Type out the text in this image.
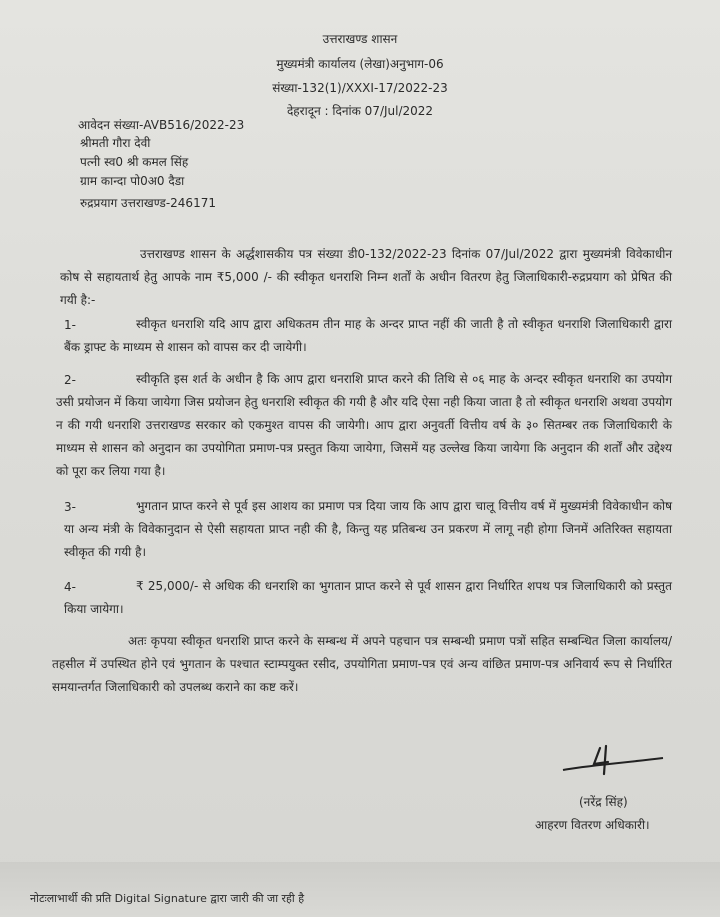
उत्तराखण्ड शासन
मुख्यमंत्री कार्यालय (लेखा)अनुभाग-06
संख्या-132(1)/XXXI-17/2022-23
देहरादून : दिनांक 07/Jul/2022
आवेदन संख्या-AVB516/2022-23
श्रीमती गौरा देवी
पत्नी स्व0 श्री कमल सिंह
ग्राम कान्दा पो0अ0 दैडा
रुद्रप्रयाग उत्तराखण्ड-246171
उत्तराखण्ड शासन के अर्द्धशासकीय पत्र संख्या डी0-132/2022-23 दिनांक 07/Jul/2022 द्वारा मुख्यमंत्री विवेकाधीन कोष से सहायतार्थ हेतु आपके नाम ₹5,000 /- की स्वीकृत धनराशि निम्न शर्तों के अधीन वितरण हेतु जिलाधिकारी-रुद्रप्रयाग को प्रेषित की गयी है:-
1-	स्वीकृत धनराशि यदि आप द्वारा अधिकतम तीन माह के अन्दर प्राप्त नहीं की जाती है तो स्वीकृत धनराशि जिलाधिकारी द्वारा बैंक ड्राफ्ट के माध्यम से शासन को वापस कर दी जायेगी।
2-	स्वीकृति इस शर्त के अधीन है कि आप द्वारा धनराशि प्राप्त करने की तिथि से ०६ माह के अन्दर स्वीकृत धनराशि का उपयोग उसी प्रयोजन में किया जायेगा जिस प्रयोजन हेतु धनराशि स्वीकृत की गयी है और यदि ऐसा नही किया जाता है तो स्वीकृत धनराशि अथवा उपयोग न की गयी धनराशि उत्तराखण्ड सरकार को एकमुश्त वापस की जायेगी। आप द्वारा अनुवर्ती वित्तीय वर्ष के ३० सितम्बर तक जिलाधिकारी के माध्यम से शासन को अनुदान का उपयोगिता प्रमाण-पत्र प्रस्तुत किया जायेगा, जिसमें यह उल्लेख किया जायेगा कि अनुदान की शर्तों और उद्देश्य को पूरा कर लिया गया है।
3-	भुगतान प्राप्त करने से पूर्व इस आशय का प्रमाण पत्र दिया जाय कि आप द्वारा चालू वित्तीय वर्ष में मुख्यमंत्री विवेकाधीन कोष या अन्य मंत्री के विवेकानुदान से ऐसी सहायता प्राप्त नही की है, किन्तु यह प्रतिबन्ध उन प्रकरण में लागू नही होगा जिनमें अतिरिक्त सहायता स्वीकृत की गयी है।
4-	₹ 25,000/- से अधिक की धनराशि का भुगतान प्राप्त करने से पूर्व शासन द्वारा निर्धारित शपथ पत्र जिलाधिकारी को प्रस्तुत किया जायेगा।
अतः कृपया स्वीकृत धनराशि प्राप्त करने के सम्बन्ध में अपने पहचान पत्र सम्बन्धी प्रमाण पत्रों सहित सम्बन्धित जिला कार्यालय/तहसील में उपस्थित होने एवं भुगतान के पश्चात स्टाम्पयुक्त रसीद, उपयोगिता प्रमाण-पत्र एवं अन्य वांछित प्रमाण-पत्र अनिवार्य रूप से निर्धारित समयान्तर्गत जिलाधिकारी को उपलब्ध कराने का कष्ट करें।
(नरेंद्र सिंह)
आहरण वितरण अधिकारी।
नोटःलाभार्थी की प्रति Digital Signature द्वारा जारी की जा रही है
